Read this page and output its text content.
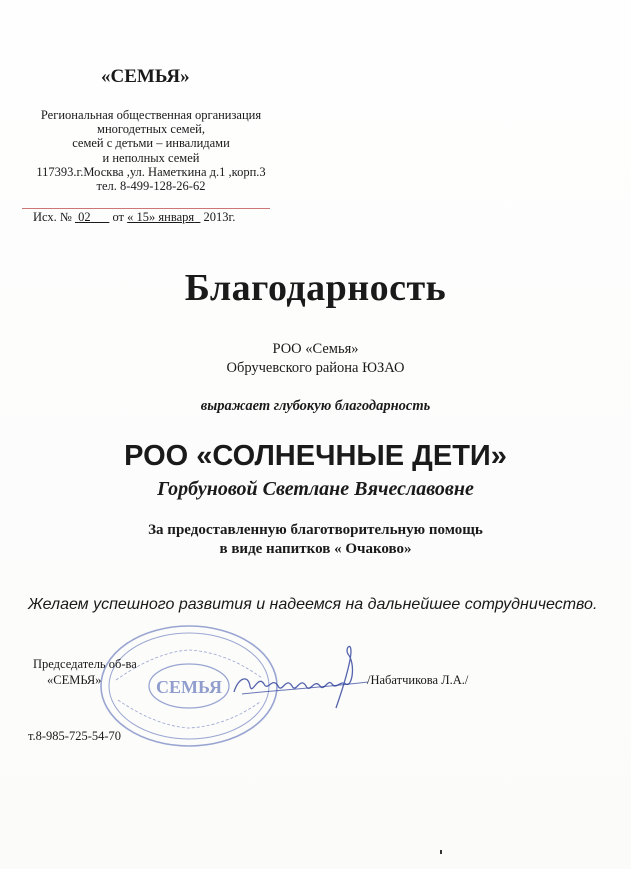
«СЕМЬЯ»
Региональная общественная организация
многодетных семей,
семей с детьми – инвалидами
и неполных семей
117393.г.Москва ,ул. Наметкина д.1 ,корп.3
тел. 8-499-128-26-62
Исх. № 02 от « 15» января 2013г.
Благодарность
РОО «Семья»
Обручевского района ЮЗАО
выражает глубокую благодарность
РОО «СОЛНЕЧНЫЕ ДЕТИ»
Горбуновой Светлане Вячеславовне
За предоставленную благотворительную помощь
в виде напитков « Очаково»
Желаем успешного развития и надеемся на дальнейшее сотрудничество.
СЕМЬЯ
Председатель об-ва
«СЕМЬЯ»	/Набатчикова Л.А./
т.8-985-725-54-70
